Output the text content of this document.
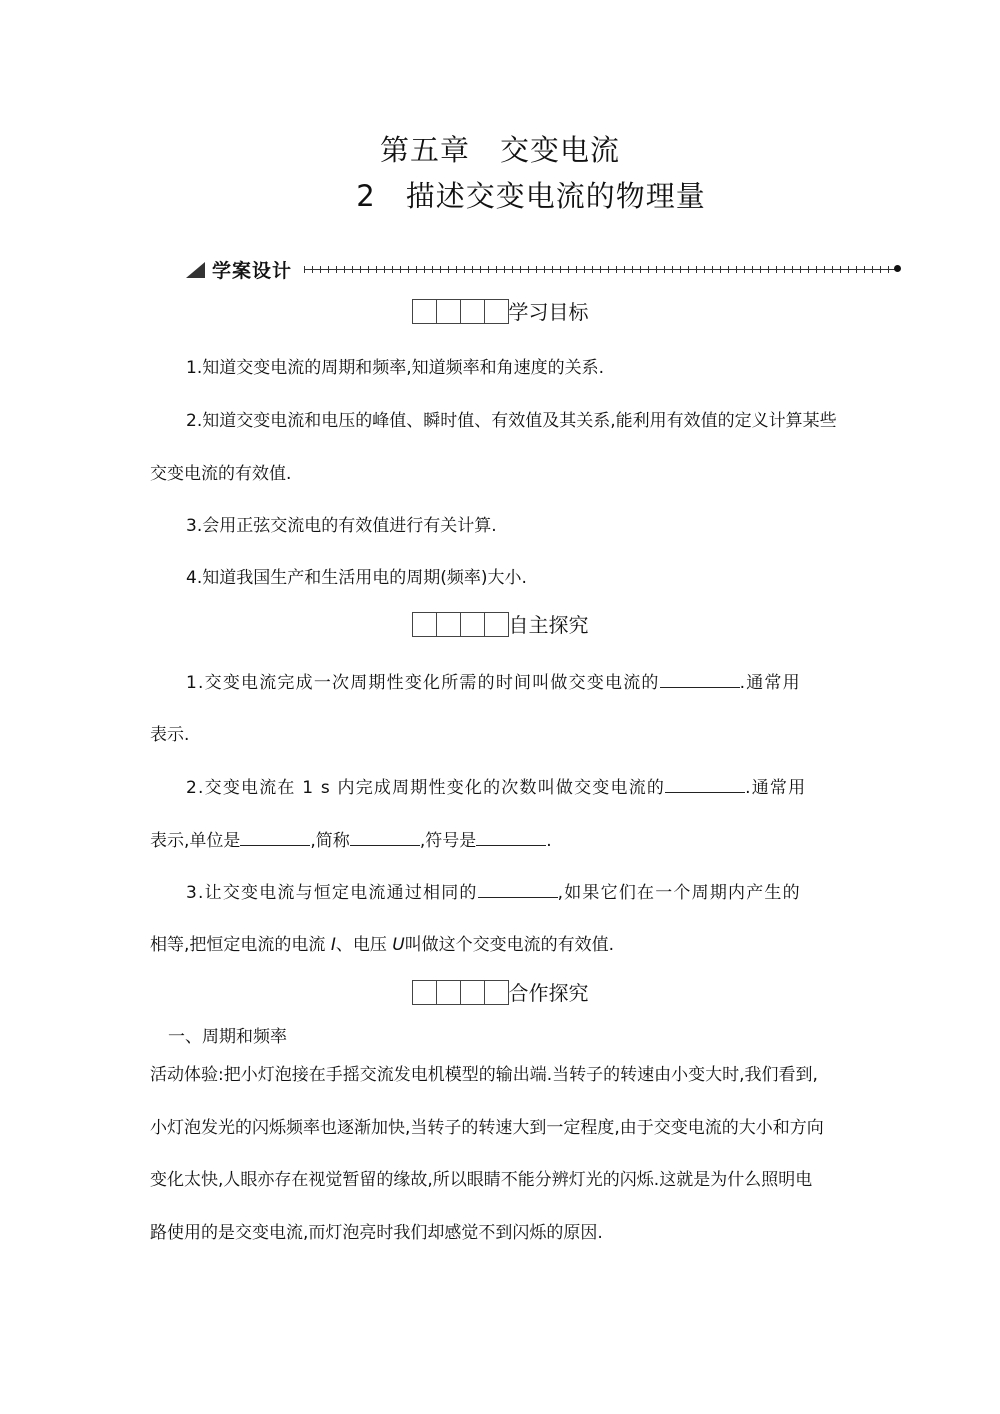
第五章　交变电流
2　描述交变电流的物理量
学案设计
学习目标
1.知道交变电流的周期和频率,知道频率和角速度的关系.
2.知道交变电流和电压的峰值、瞬时值、有效值及其关系,能利用有效值的定义计算某些
交变电流的有效值.
3.会用正弦交流电的有效值进行有关计算.
4.知道我国生产和生活用电的周期(频率)大小.
自主探究
1.交变电流完成一次周期性变化所需的时间叫做交变电流的	.通常用
表示.
2.交变电流在 1 s 内完成周期性变化的次数叫做交变电流的	.通常用
表示,单位是	,简称	,符号是	.
3.让交变电流与恒定电流通过相同的	,如果它们在一个周期内产生的
相等,把恒定电流的电流 I、电压 U叫做这个交变电流的有效值.
合作探究
一、周期和频率
活动体验:把小灯泡接在手摇交流发电机模型的输出端.当转子的转速由小变大时,我们看到,
小灯泡发光的闪烁频率也逐渐加快,当转子的转速大到一定程度,由于交变电流的大小和方向
变化太快,人眼亦存在视觉暂留的缘故,所以眼睛不能分辨灯光的闪烁.这就是为什么照明电
路使用的是交变电流,而灯泡亮时我们却感觉不到闪烁的原因.
